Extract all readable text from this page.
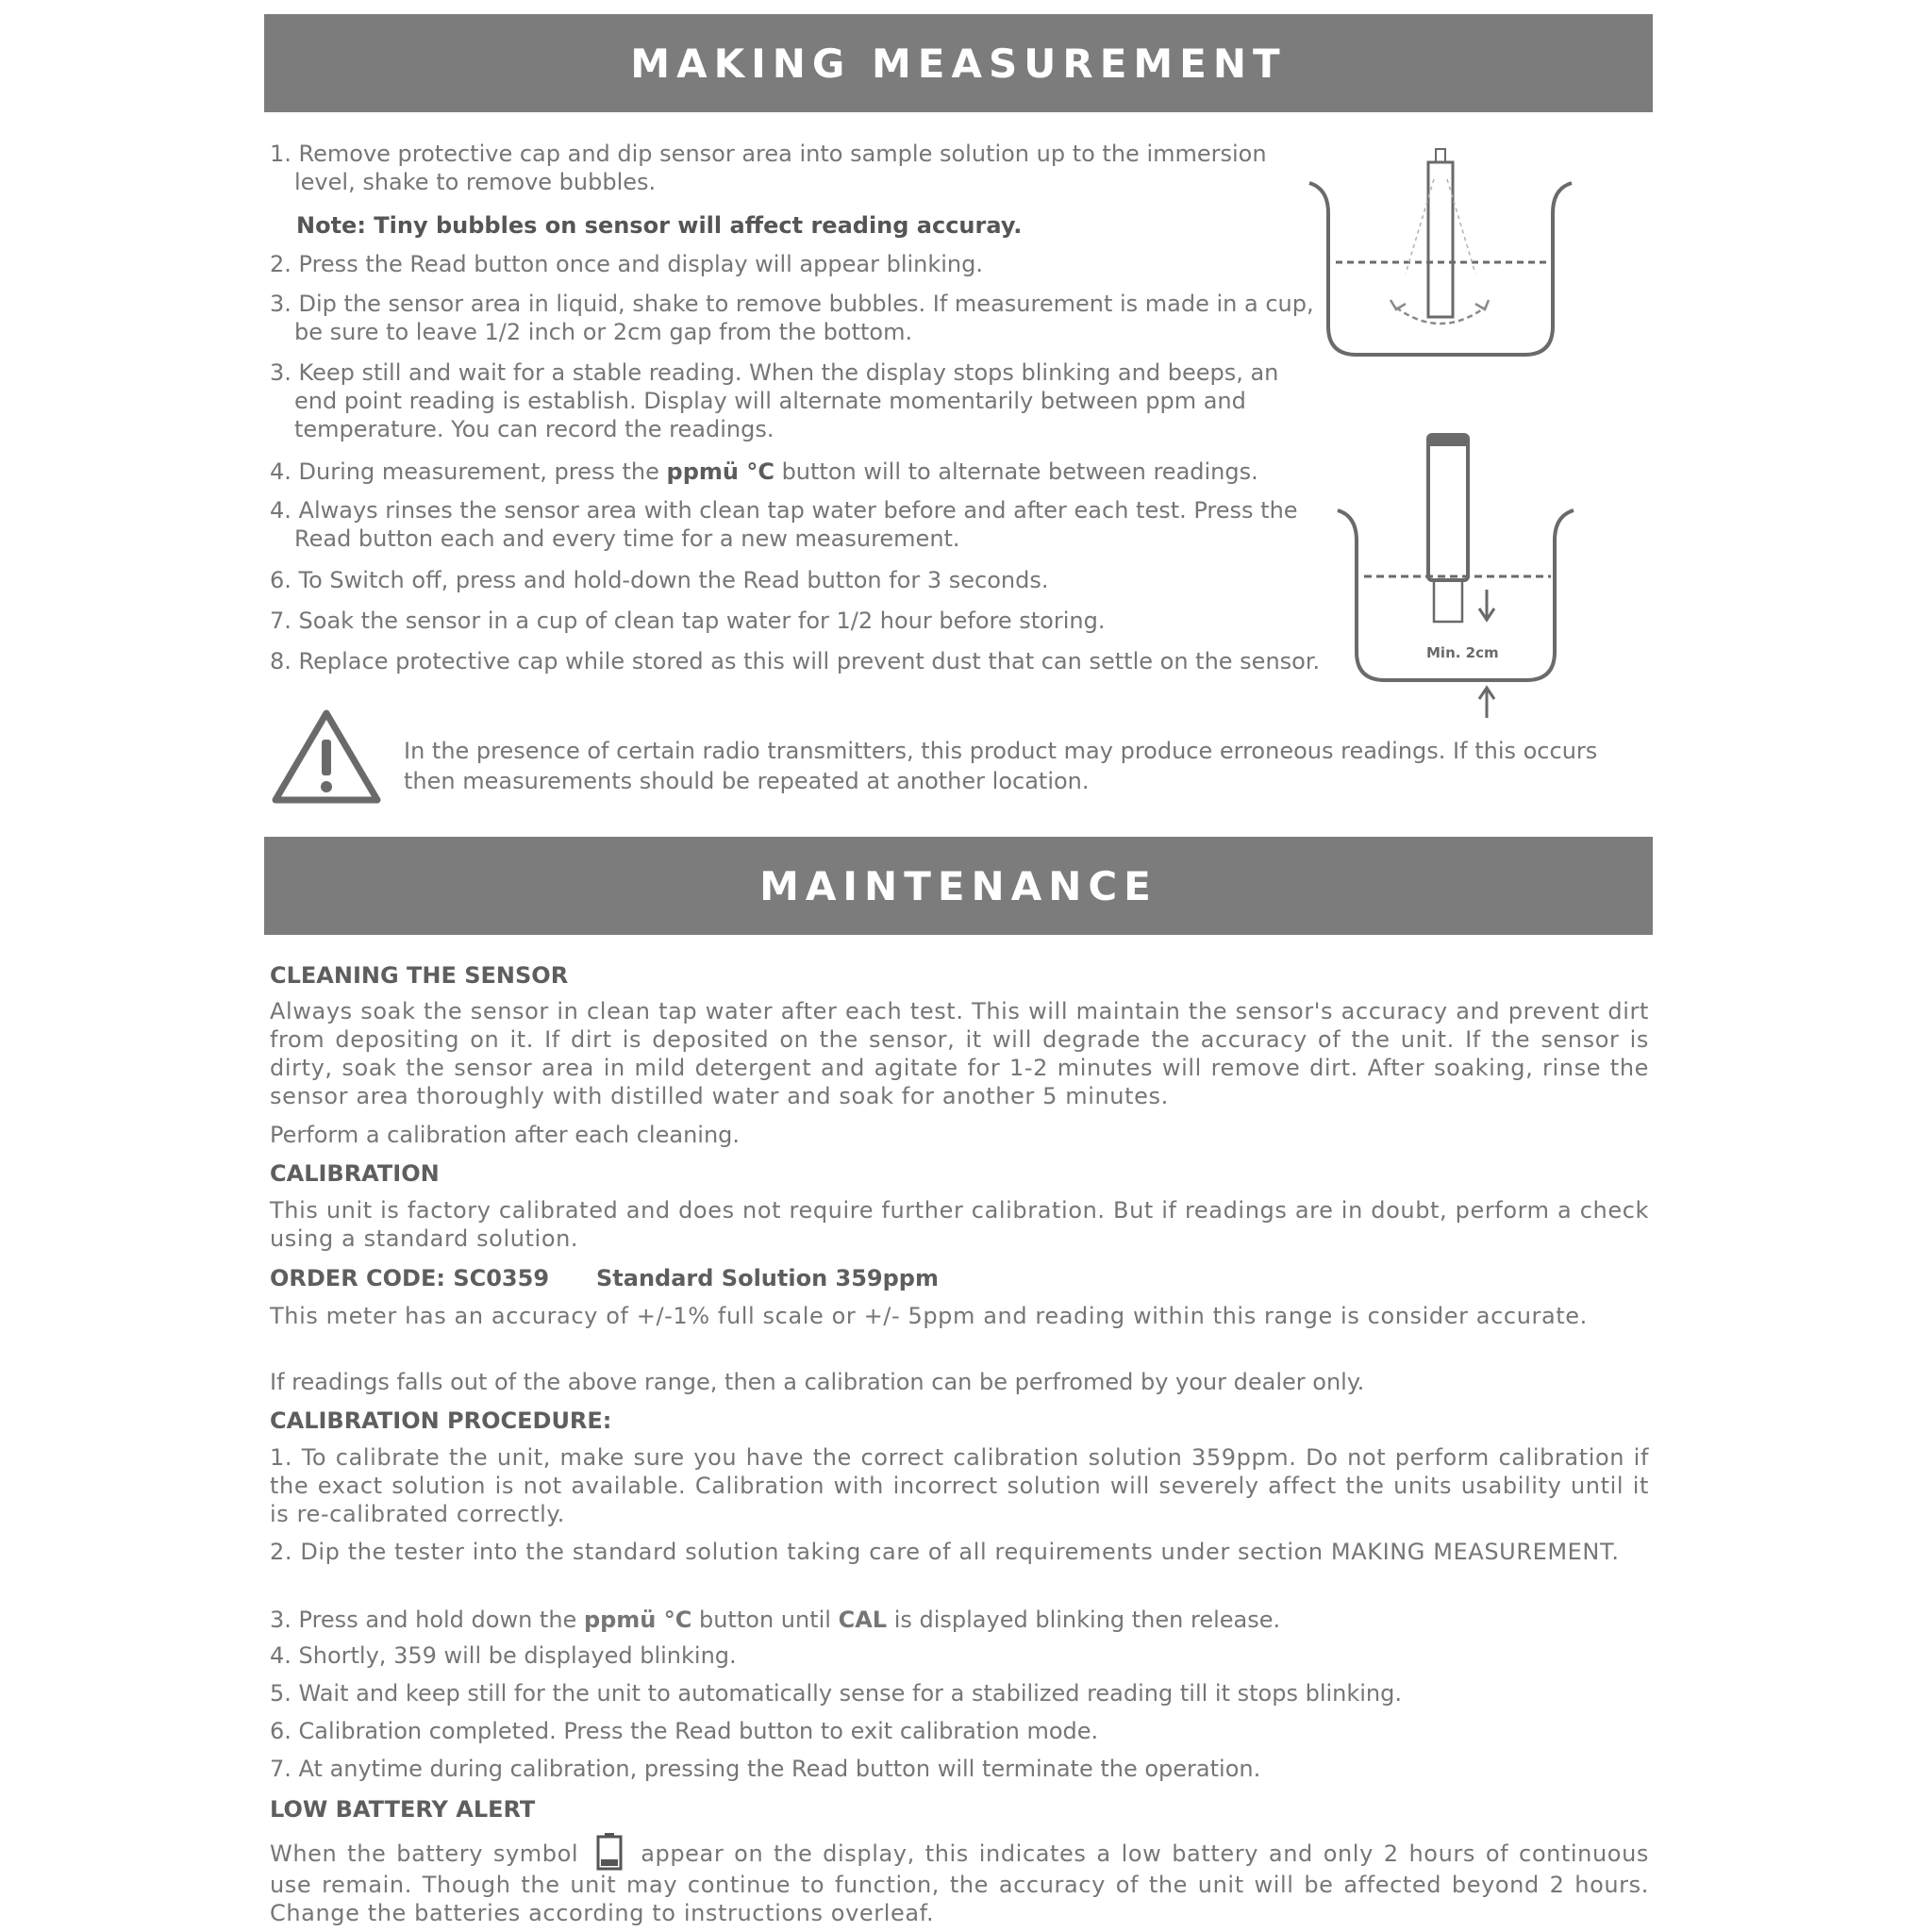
MAKING MEASUREMENT
1. Remove protective cap and dip sensor area into sample solution up to the immersion level, shake to remove bubbles.
Note: Tiny bubbles on sensor will affect reading accuray.
2. Press the Read button once and display will appear blinking.
3. Dip the sensor area in liquid, shake to remove bubbles. If measurement is made in a cup, be sure to leave 1/2 inch or 2cm gap from the bottom.
3. Keep still and wait for a stable reading. When the display stops blinking and beeps, an end point reading is establish. Display will alternate momentarily between ppm and temperature. You can record the readings.
4. During measurement, press the ppmü °C button will to alternate between readings.
4. Always rinses the sensor area with clean tap water before and after each test. Press the Read button each and every time for a new measurement.
6. To Switch off, press and hold-down the Read button for 3 seconds.
7. Soak the sensor in a cup of clean tap water for 1/2 hour before storing.
8. Replace protective cap while stored as this will prevent dust that can settle on the sensor.	Min. 2cm
In the presence of certain radio transmitters, this product may produce erroneous readings. If this occurs then measurements should be repeated at another location.
MAINTENANCE
CLEANING THE SENSOR
Always soak the sensor in clean tap water after each test. This will maintain the sensor's accuracy and prevent dirt from depositing on it. If dirt is deposited on the sensor, it will degrade the accuracy of the unit. If the sensor is dirty, soak the sensor area in mild detergent and agitate for 1-2 minutes will remove dirt. After soaking, rinse the sensor area thoroughly with distilled water and soak for another 5 minutes.
Perform a calibration after each cleaning.
CALIBRATION
This unit is factory calibrated and does not require further calibration. But if readings are in doubt, perform a check using a standard solution.
ORDER CODE: SC0359 Standard Solution 359ppm
This meter has an accuracy of +/-1% full scale or +/- 5ppm and reading within this range is consider accurate.
If readings falls out of the above range, then a calibration can be perfromed by your dealer only.
CALIBRATION PROCEDURE:
1. To calibrate the unit, make sure you have the correct calibration solution 359ppm. Do not perform calibration if the exact solution is not available. Calibration with incorrect solution will severely affect the units usability until it is re-calibrated correctly.
2. Dip the tester into the standard solution taking care of all requirements under section MAKING MEASUREMENT.
3. Press and hold down the ppmü °C button until CAL is displayed blinking then release.
4. Shortly, 359 will be displayed blinking.
5. Wait and keep still for the unit to automatically sense for a stabilized reading till it stops blinking.
6. Calibration completed. Press the Read button to exit calibration mode.
7. At anytime during calibration, pressing the Read button will terminate the operation.
LOW BATTERY ALERT
When the battery symbol	appear on the display, this indicates a low battery and only 2 hours of continuous use remain. Though the unit may continue to function, the accuracy of the unit will be affected beyond 2 hours. Change the batteries according to instructions overleaf.
